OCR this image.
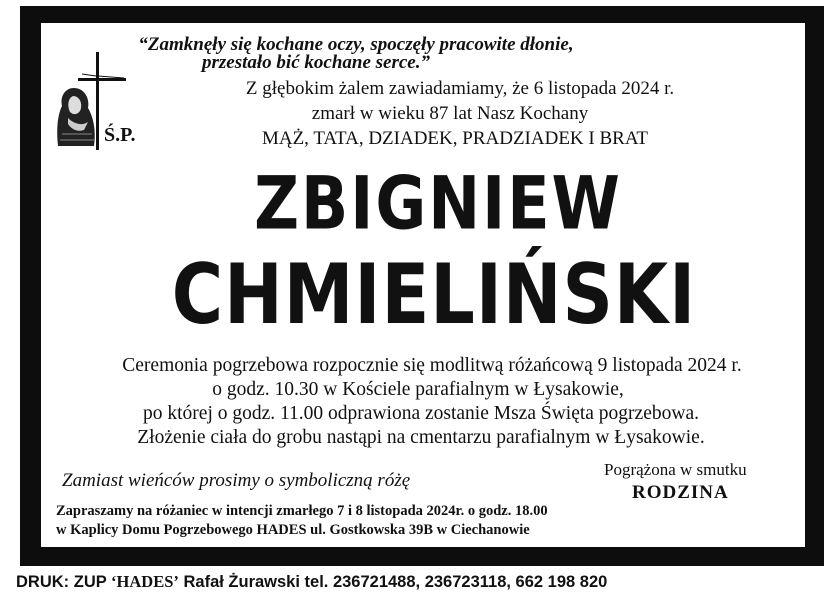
“Zamknęły się kochane oczy, spoczęły pracowite dłonie,
przestało bić kochane serce.”
Ś.P.
Z głębokim żalem zawiadamiamy, że 6 listopada 2024 r.
zmarł w wieku 87 lat Nasz Kochany
MĄŻ, TATA, DZIADEK, PRADZIADEK I BRAT
ZBIGNIEW
CHMIELIŃSKI
Ceremonia pogrzebowa rozpocznie się modlitwą różańcową 9 listopada 2024 r.
o godz. 10.30 w Kościele parafialnym w Łysakowie,
po której o godz. 11.00 odprawiona zostanie Msza Święta pogrzebowa.
Złożenie ciała do grobu nastąpi na cmentarzu parafialnym w Łysakowie.
Pogrążona w smutku
RODZINA
Zamiast wieńców prosimy o symboliczną różę
Zapraszamy na różaniec w intencji zmarłego 7 i 8 listopada 2024r. o godz. 18.00
w Kaplicy Domu Pogrzebowego HADES ul. Gostkowska 39B w Ciechanowie
DRUK: ZUP ‘HADES’ Rafał Żurawski tel. 236721488, 236723118, 662 198 820
